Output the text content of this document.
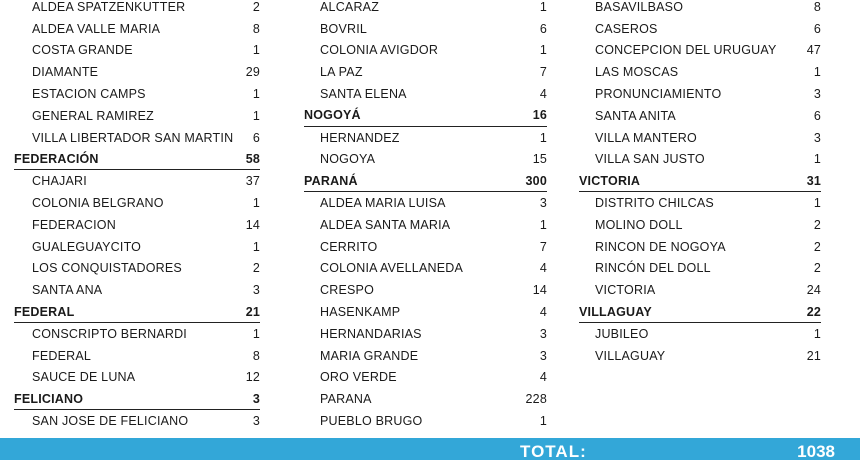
ALDEA SPATZENKUTTER	2
ALDEA VALLE MARIA	8
COSTA GRANDE	1
DIAMANTE	29
ESTACION CAMPS	1
GENERAL RAMIREZ	1
VILLA LIBERTADOR SAN MARTIN 6
FEDERACIÓN	58
CHAJARI	37
COLONIA BELGRANO	1
FEDERACION	14
GUALEGUAYCITO	1
LOS CONQUISTADORES	2
SANTA ANA	3
FEDERAL	21
CONSCRIPTO BERNARDI	1
FEDERAL	8
SAUCE DE LUNA	12
FELICIANO	3
SAN JOSE DE FELICIANO	3
ALCARAZ	1
BOVRIL	6
COLONIA AVIGDOR	1
LA PAZ	7
SANTA ELENA	4
NOGOYÁ	16
HERNANDEZ	1
NOGOYA	15
PARANÁ	300
ALDEA MARIA LUISA	3
ALDEA SANTA MARIA	1
CERRITO	7
COLONIA AVELLANEDA	4
CRESPO	14
HASENKAMP	4
HERNANDARIAS	3
MARIA GRANDE	3
ORO VERDE	4
PARANA	228
PUEBLO BRUGO	1
BASAVILBASO	8
CASEROS	6
CONCEPCION DEL URUGUAY 47
LAS MOSCAS	1
PRONUNCIAMIENTO	3
SANTA ANITA	6
VILLA MANTERO	3
VILLA SAN JUSTO	1
VICTORIA	31
DISTRITO CHILCAS	1
MOLINO DOLL	2
RINCON DE NOGOYA	2
RINCÓN DEL DOLL	2
VICTORIA	24
VILLAGUAY	22
JUBILEO	1
VILLAGUAY	21
TOTAL:	1038
